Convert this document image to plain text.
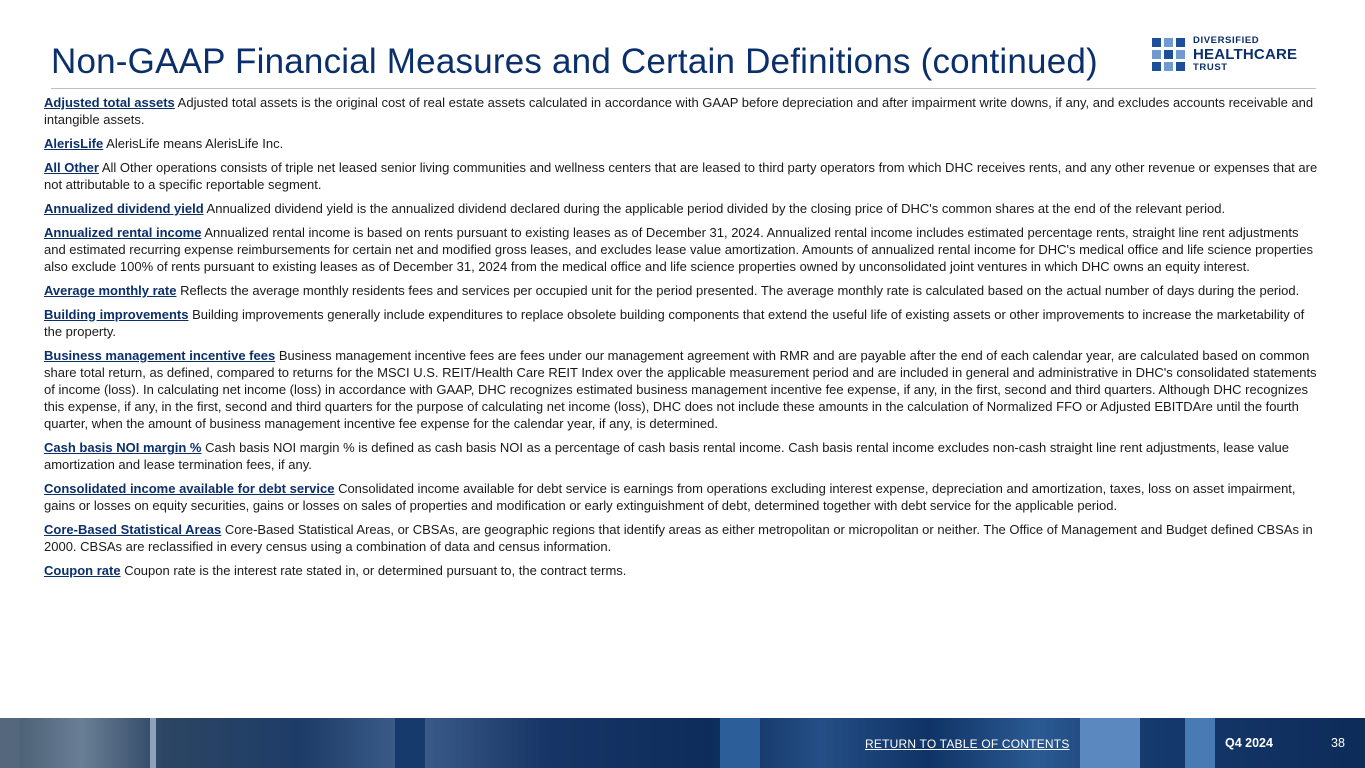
Non-GAAP Financial Measures and Certain Definitions (continued)
DIVERSIFIED
HEALTHCARE
TRUST

Adjusted total assets Adjusted total assets is the original cost of real estate assets calculated in accordance with GAAP before depreciation and after impairment write downs, if any, and excludes accounts receivable and intangible assets.

AlerisLife AlerisLife means AlerisLife Inc.

All Other All Other operations consists of triple net leased senior living communities and wellness centers that are leased to third party operators from which DHC receives rents, and any other revenue or expenses that are not attributable to a specific reportable segment.

Annualized dividend yield Annualized dividend yield is the annualized dividend declared during the applicable period divided by the closing price of DHC's common shares at the end of the relevant period.

Annualized rental income Annualized rental income is based on rents pursuant to existing leases as of December 31, 2024. Annualized rental income includes estimated percentage rents, straight line rent adjustments and estimated recurring expense reimbursements for certain net and modified gross leases, and excludes lease value amortization. Amounts of annualized rental income for DHC's medical office and life science properties also exclude 100% of rents pursuant to existing leases as of December 31, 2024 from the medical office and life science properties owned by unconsolidated joint ventures in which DHC owns an equity interest.

Average monthly rate Reflects the average monthly residents fees and services per occupied unit for the period presented. The average monthly rate is calculated based on the actual number of days during the period.

Building improvements Building improvements generally include expenditures to replace obsolete building components that extend the useful life of existing assets or other improvements to increase the marketability of the property.

Business management incentive fees Business management incentive fees are fees under our management agreement with RMR and are payable after the end of each calendar year, are calculated based on common share total return, as defined, compared to returns for the MSCI U.S. REIT/Health Care REIT Index over the applicable measurement period and are included in general and administrative in DHC's consolidated statements of income (loss). In calculating net income (loss) in accordance with GAAP, DHC recognizes estimated business management incentive fee expense, if any, in the first, second and third quarters. Although DHC recognizes this expense, if any, in the first, second and third quarters for the purpose of calculating net income (loss), DHC does not include these amounts in the calculation of Normalized FFO or Adjusted EBITDAre until the fourth quarter, when the amount of business management incentive fee expense for the calendar year, if any, is determined.

Cash basis NOI margin % Cash basis NOI margin % is defined as cash basis NOI as a percentage of cash basis rental income. Cash basis rental income excludes non-cash straight line rent adjustments, lease value amortization and lease termination fees, if any.

Consolidated income available for debt service Consolidated income available for debt service is earnings from operations excluding interest expense, depreciation and amortization, taxes, loss on asset impairment, gains or losses on equity securities, gains or losses on sales of properties and modification or early extinguishment of debt, determined together with debt service for the applicable period.

Core-Based Statistical Areas Core-Based Statistical Areas, or CBSAs, are geographic regions that identify areas as either metropolitan or micropolitan or neither. The Office of Management and Budget defined CBSAs in 2000. CBSAs are reclassified in every census using a combination of data and census information.

Coupon rate Coupon rate is the interest rate stated in, or determined pursuant to, the contract terms.

RETURN TO TABLE OF CONTENTS	Q4 2024	38
